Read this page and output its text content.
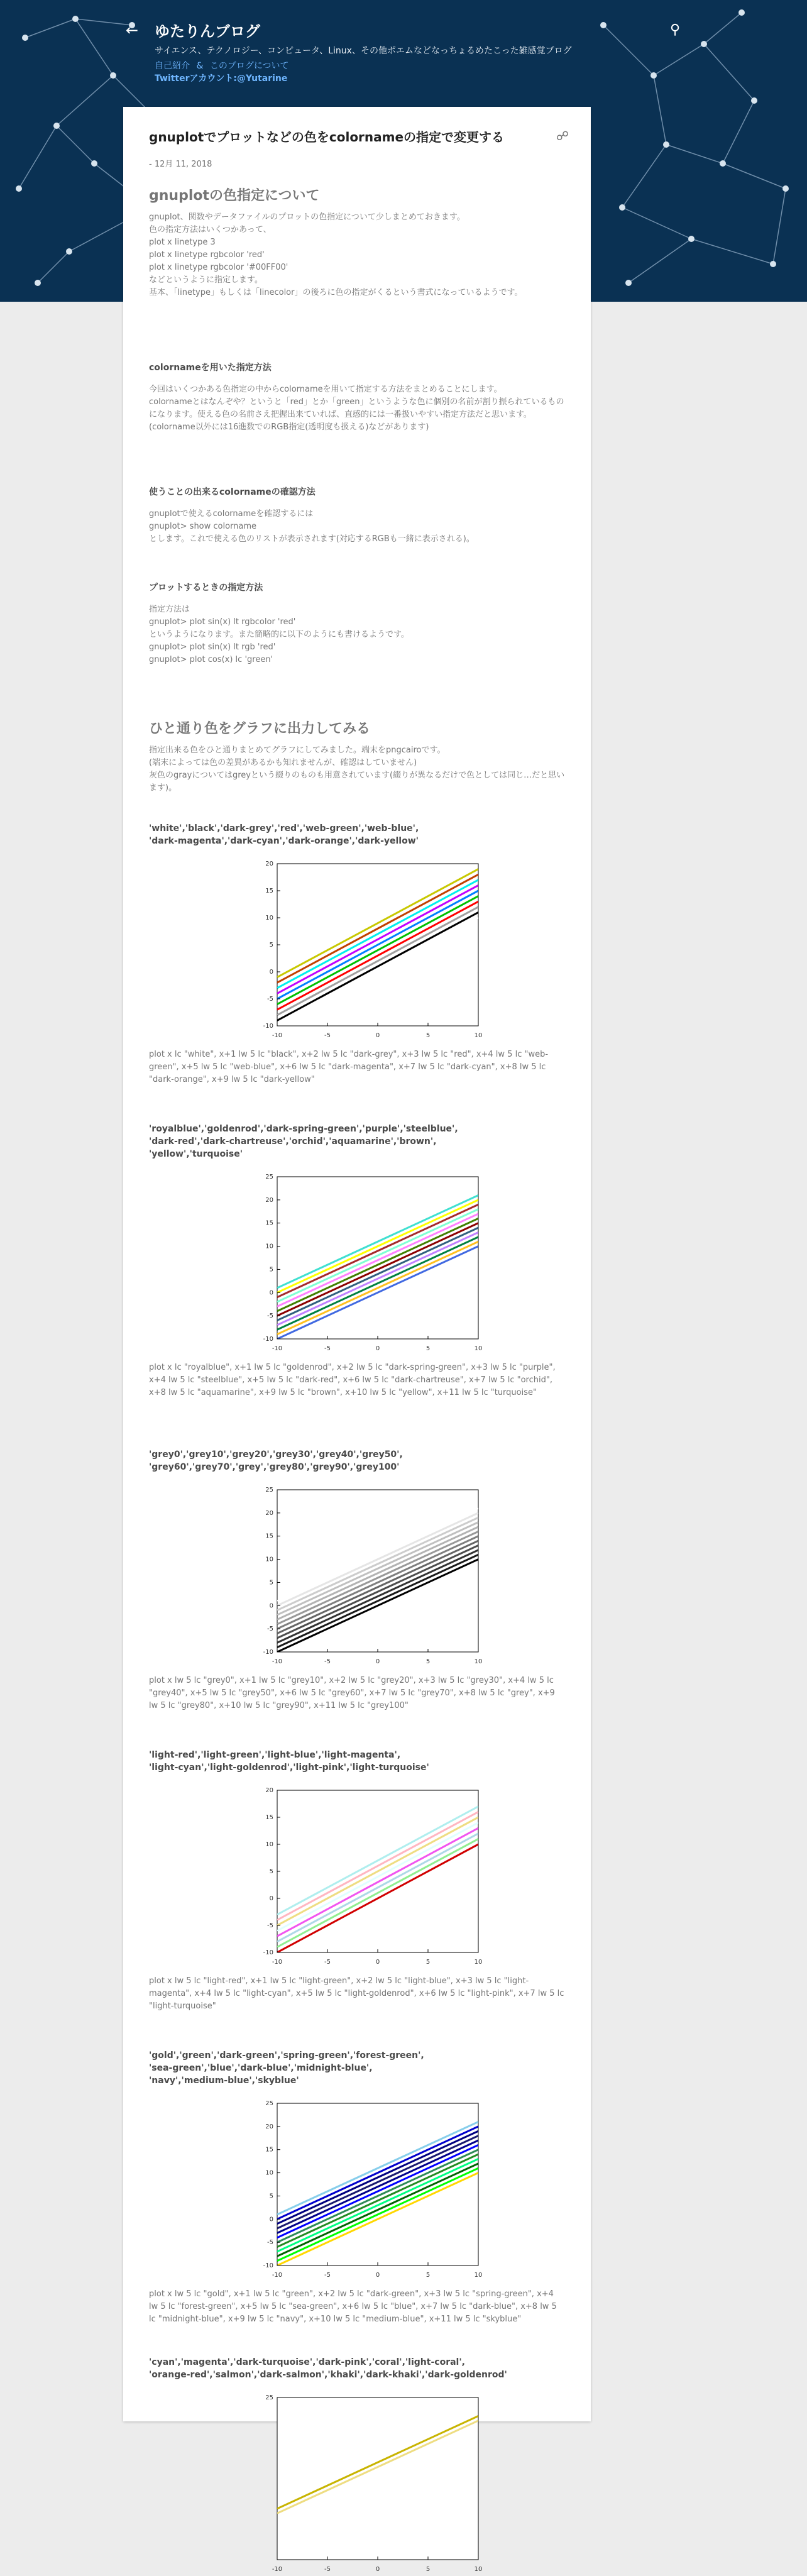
← ゆたりんブログ
サイエンス、テクノロジー、コンピュータ、Linux、その他ポエムなどなっちょるめたこった雑感覚ブログ
自己紹介 & このブログについて
Twitterアカウント:@Yutarine
⚲
gnuplotでプロットなどの色をcolornameの指定で変更する	☍
- 12月 11, 2018
gnuplotの色指定について
gnuplot、関数やデータファイルのプロットの色指定について少しまとめておきます。
色の指定方法はいくつかあって、
plot x linetype 3
plot x linetype rgbcolor 'red'
plot x linetype rgbcolor '#00FF00'
などというように指定します。
基本、「linetype」もしくは「linecolor」の後ろに色の指定がくるという書式になっているようです。
colornameを用いた指定方法
今回はいくつかある色指定の中からcolornameを用いて指定する方法をまとめることにします。
colornameとはなんぞや？というと「red」とか「green」というような色に個別の名前が割り振られているものになります。使える色の名前さえ把握出来ていれば、直感的には一番扱いやすい指定方法だと思います。
(colorname以外には16進数でのRGB指定(透明度も扱える)などがあります)
使うことの出来るcolornameの確認方法
gnuplotで使えるcolornameを確認するには
gnuplot> show colorname
とします。これで使える色のリストが表示されます(対応するRGBも一緒に表示される)。
プロットするときの指定方法
指定方法は
gnuplot> plot sin(x) lt rgbcolor 'red'
というようになります。また簡略的に以下のようにも書けるようです。
gnuplot> plot sin(x) lt rgb 'red'
gnuplot> plot cos(x) lc 'green'
ひと通り色をグラフに出力してみる
指定出来る色をひと通りまとめてグラフにしてみました。端末をpngcairoです。
(端末によっては色の差異があるかも知れませんが、確認はしていません)
灰色のgrayについてはgreyという綴りのものも用意されています(綴りが異なるだけで色としては同じ…だと思います)。
'white','black','dark-grey','red','web-green','web-blue',
'dark-magenta','dark-cyan','dark-orange','dark-yellow'
-10	-5	0	5	10
20
15
10
5
0
-5
-10
plot x lc "white", x+1 lw 5 lc "black", x+2 lw 5 lc "dark-grey", x+3 lw 5 lc "red", x+4 lw 5 lc "web-green", x+5 lw 5 lc "web-blue", x+6 lw 5 lc "dark-magenta", x+7 lw 5 lc "dark-cyan", x+8 lw 5 lc "dark-orange", x+9 lw 5 lc "dark-yellow"
'royalblue','goldenrod','dark-spring-green','purple','steelblue',
'dark-red','dark-chartreuse','orchid','aquamarine','brown',
'yellow','turquoise'
-10	-5	0	5	10
25
20
15
10
5
0
-5
-10
plot x lc "royalblue", x+1 lw 5 lc "goldenrod", x+2 lw 5 lc "dark-spring-green", x+3 lw 5 lc "purple", x+4 lw 5 lc "steelblue", x+5 lw 5 lc "dark-red", x+6 lw 5 lc "dark-chartreuse", x+7 lw 5 lc "orchid", x+8 lw 5 lc "aquamarine", x+9 lw 5 lc "brown", x+10 lw 5 lc "yellow", x+11 lw 5 lc "turquoise"
'grey0','grey10','grey20','grey30','grey40','grey50',
'grey60','grey70','grey','grey80','grey90','grey100'
-10	-5	0	5	10
25
20
15
10
5
0
-5
-10
plot x lw 5 lc "grey0", x+1 lw 5 lc "grey10", x+2 lw 5 lc "grey20", x+3 lw 5 lc "grey30", x+4 lw 5 lc "grey40", x+5 lw 5 lc "grey50", x+6 lw 5 lc "grey60", x+7 lw 5 lc "grey70", x+8 lw 5 lc "grey", x+9 lw 5 lc "grey80", x+10 lw 5 lc "grey90", x+11 lw 5 lc "grey100"
'light-red','light-green','light-blue','light-magenta',
'light-cyan','light-goldenrod','light-pink','light-turquoise'
-10	-5	0	5	10
20
15
10
5
0
-5
-10
plot x lw 5 lc "light-red", x+1 lw 5 lc "light-green", x+2 lw 5 lc "light-blue", x+3 lw 5 lc "light-magenta", x+4 lw 5 lc "light-cyan", x+5 lw 5 lc "light-goldenrod", x+6 lw 5 lc "light-pink", x+7 lw 5 lc "light-turquoise"
'gold','green','dark-green','spring-green','forest-green',
'sea-green','blue','dark-blue','midnight-blue',
'navy','medium-blue','skyblue'
-10	-5	0	5	10
25
20
15
10
5
0
-5
-10
plot x lw 5 lc "gold", x+1 lw 5 lc "green", x+2 lw 5 lc "dark-green", x+3 lw 5 lc "spring-green", x+4 lw 5 lc "forest-green", x+5 lw 5 lc "sea-green", x+6 lw 5 lc "blue", x+7 lw 5 lc "dark-blue", x+8 lw 5 lc "midnight-blue", x+9 lw 5 lc "navy", x+10 lw 5 lc "medium-blue", x+11 lw 5 lc "skyblue"
'cyan','magenta','dark-turquoise','dark-pink','coral','light-coral',
'orange-red','salmon','dark-salmon','khaki','dark-khaki','dark-goldenrod'
-10	-5	0	5	10
25
